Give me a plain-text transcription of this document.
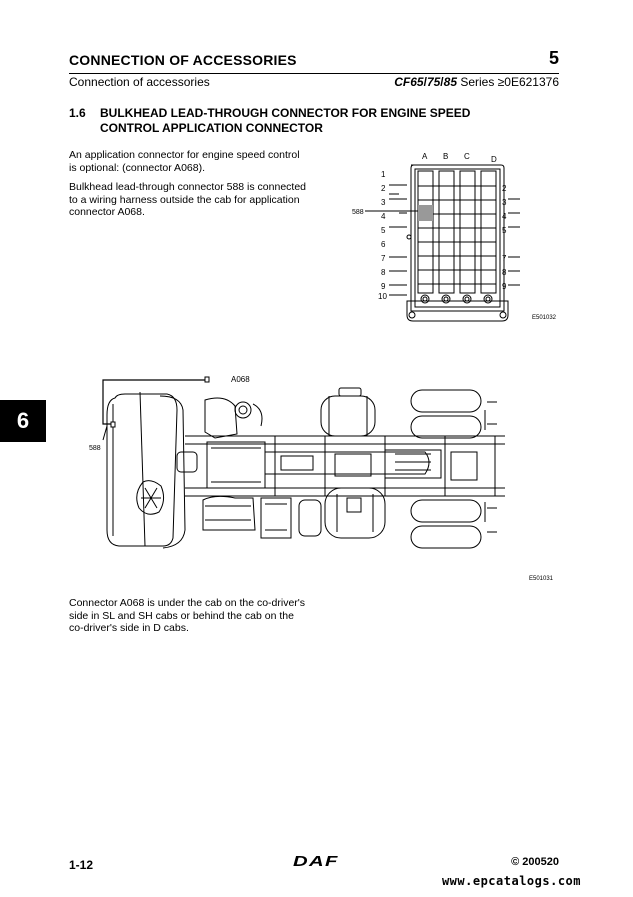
CONNECTION OF ACCESSORIES	5
Connection of accessories	CF65/75/85 Series ≥0E621376
1.6 BULKHEAD LEAD-THROUGH CONNECTOR FOR ENGINE SPEED CONTROL APPLICATION CONNECTOR
An application connector for engine speed control is optional: (connector A068).
Bulkhead lead-through connector 588 is connected to a wiring harness outside the cab for application connector A068.
Connector A068 is under the cab on the co-driver's side in SL and SH cabs or behind the cab on the co-driver's side in D cabs.
A B C	D
1
2
3
4
5
6
7
8
9
10
2
3
4
5
7
8
9
588
E501032
A068
588
E501031
6
1-12	DAF	© 200520
www.epcatalogs.com
